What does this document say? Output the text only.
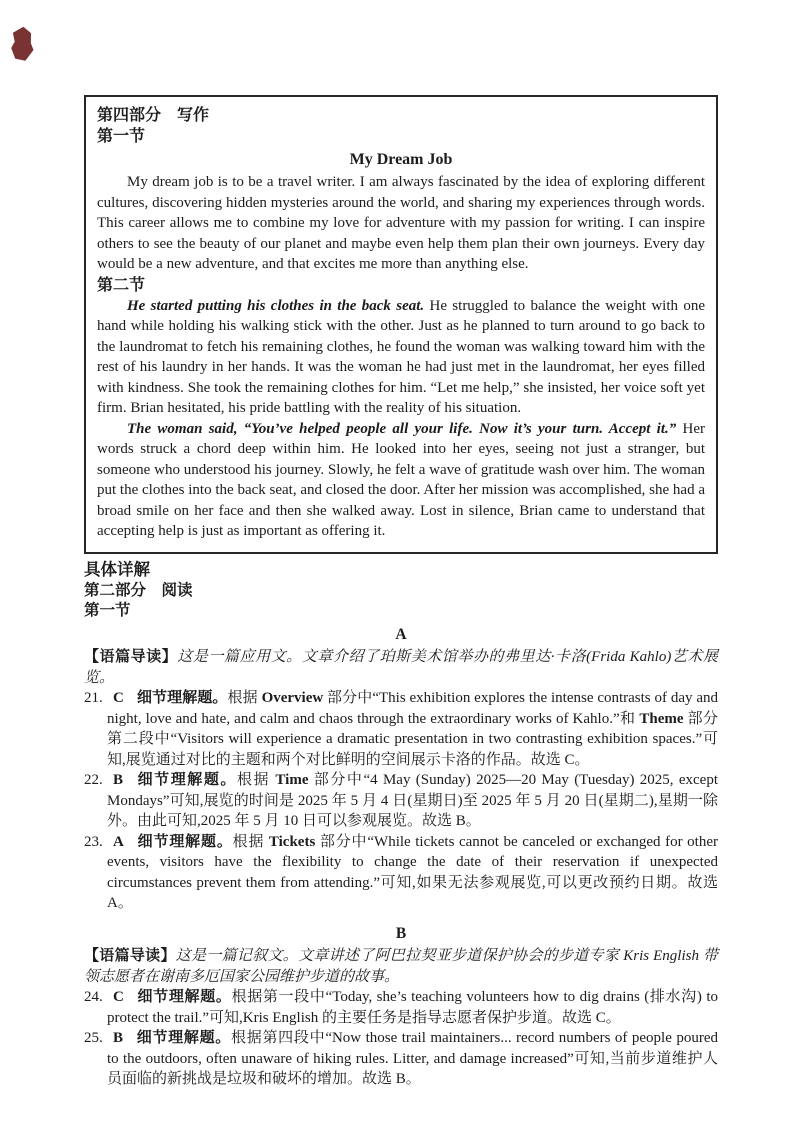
第四部分　写作
第一节
My Dream Job

My dream job is to be a travel writer. I am always fascinated by the idea of exploring different cultures, discovering hidden mysteries around the world, and sharing my experiences through words. This career allows me to combine my love for adventure with my passion for writing. I can inspire others to see the beauty of our planet and maybe even help them plan their own journeys. Every day would be a new adventure, and that excites me more than anything else.

第二节

He started putting his clothes in the back seat. He struggled to balance the weight with one hand while holding his walking stick with the other. Just as he planned to turn around to go back to the laundromat to fetch his remaining clothes, he found the woman was walking toward him with the rest of his laundry in her hands. It was the woman he had just met in the laundromat, her eyes filled with kindness. She took the remaining clothes for him. “Let me help,” she insisted, her voice soft yet firm. Brian hesitated, his pride battling with the reality of his situation.

The woman said, “You’ve helped people all your life. Now it’s your turn. Accept it.” Her words struck a chord deep within him. He looked into her eyes, seeing not just a stranger, but someone who understood his journey. Slowly, he felt a wave of gratitude wash over him. The woman put the clothes into the back seat, and closed the door. After her mission was accomplished, she had a broad smile on her face and then she walked away. Lost in silence, Brian came to understand that accepting help is just as important as offering it.

具体详解
第二部分　阅读
第一节
A

【语篇导读】这是一篇应用文。文章介绍了珀斯美术馆举办的弗里达·卡洛(Frida Kahlo)艺术展览。

21. C 细节理解题。根据 Overview 部分中“This exhibition explores the intense contrasts of day and night, love and hate, and calm and chaos through the extraordinary works of Kahlo.”和 Theme 部分第二段中“Visitors will experience a dramatic presentation in two contrasting exhibition spaces.”可知,展览通过对比的主题和两个对比鲜明的空间展示卡洛的作品。故选 C。
22. B 细节理解题。根据 Time 部分中“4 May (Sunday) 2025—20 May (Tuesday) 2025, except Mondays”可知,展览的时间是 2025 年 5 月 4 日(星期日)至 2025 年 5 月 20 日(星期二),星期一除外。由此可知,2025 年 5 月 10 日可以参观展览。故选 B。
23. A 细节理解题。根据 Tickets 部分中“While tickets cannot be canceled or exchanged for other events, visitors have the flexibility to change the date of their reservation if unexpected circumstances prevent them from attending.”可知,如果无法参观展览,可以更改预约日期。故选 A。
B

【语篇导读】这是一篇记叙文。文章讲述了阿巴拉契亚步道保护协会的步道专家 Kris English 带领志愿者在谢南多厄国家公园维护步道的故事。

24. C 细节理解题。根据第一段中“Today, she’s teaching volunteers how to dig drains (排水沟) to protect the trail.”可知,Kris English 的主要任务是指导志愿者保护步道。故选 C。
25. B 细节理解题。根据第四段中“Now those trail maintainers... record numbers of people poured to the outdoors, often unaware of hiking rules. Litter, and damage increased”可知,当前步道维护人员面临的新挑战是垃圾和破坏的增加。故选 B。
